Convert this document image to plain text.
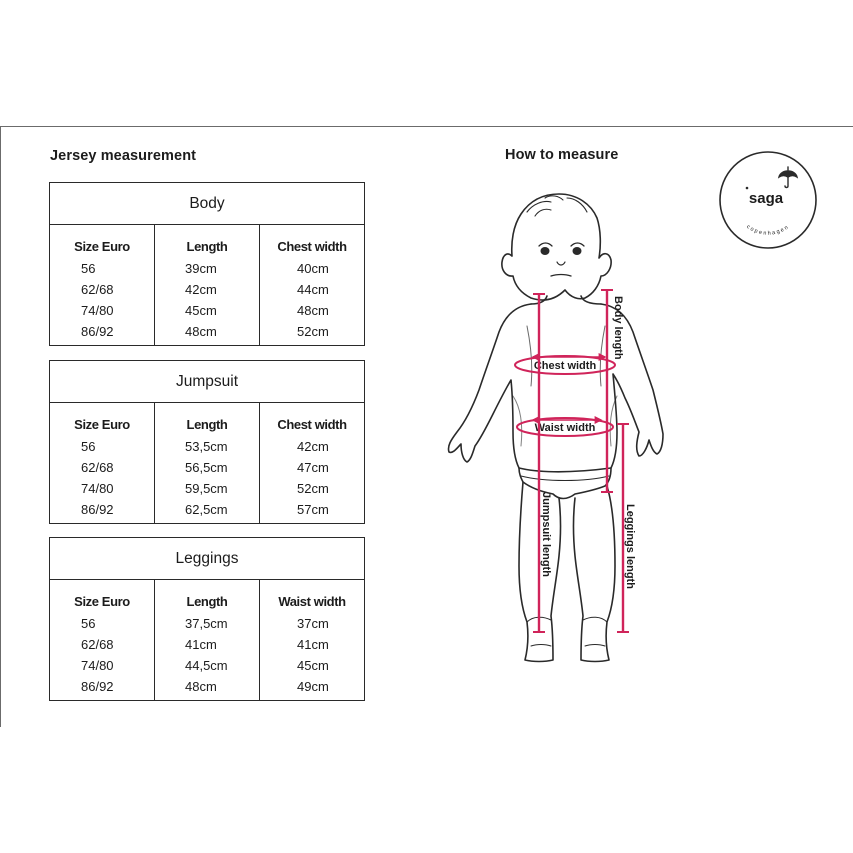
Jersey measurement	How to measure
Body
Size Euro
56
62/68
74/80
86/92
Length
39cm
42cm
45cm
48cm
Chest width
40cm
44cm
48cm
52cm
Jumpsuit
Size Euro
56
62/68
74/80
86/92
Length
53,5cm
56,5cm
59,5cm
62,5cm
Chest width
42cm
47cm
52cm
57cm
Leggings
Size Euro
56
62/68
74/80
86/92
Length
37,5cm
41cm
44,5cm
48cm
Waist width
37cm
41cm
45cm
49cm
Chest width
Waist width
Jumpsuit length
Body length
Leggings length
saga
copenhagen
